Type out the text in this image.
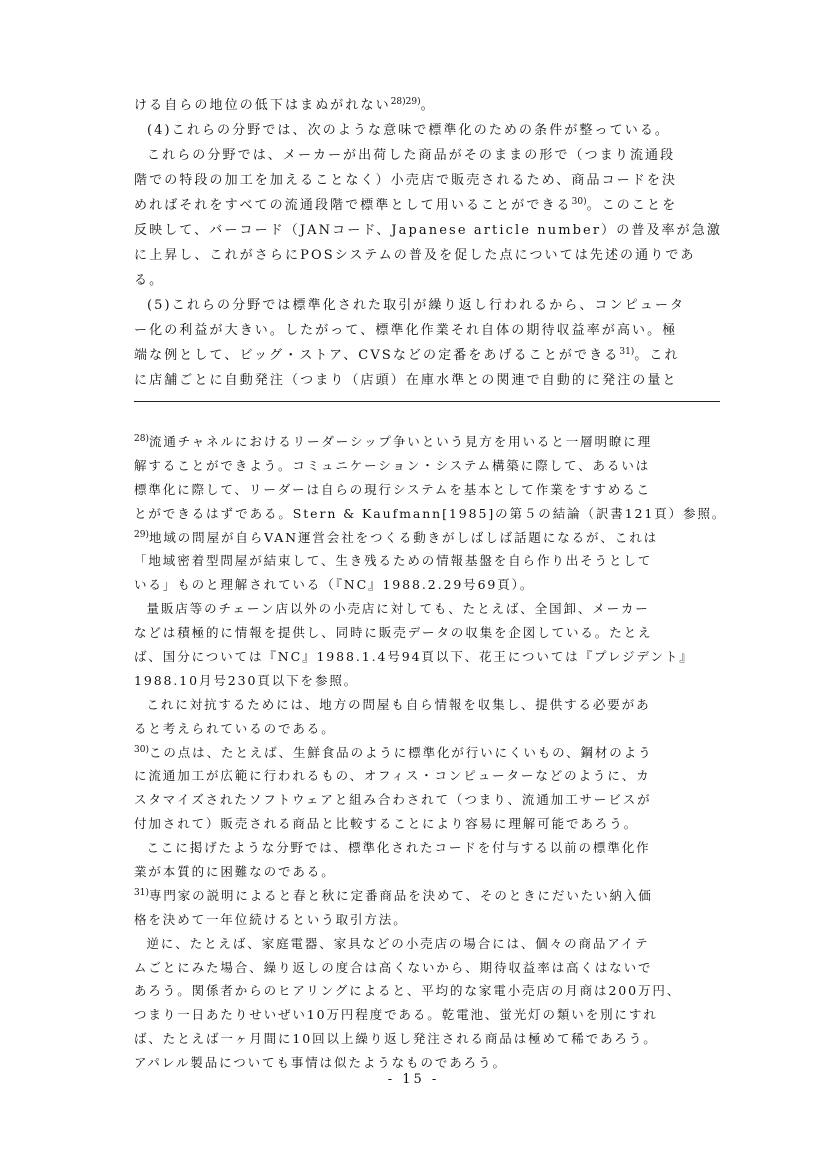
ける自らの地位の低下はまぬがれない$^{28)29)}$。
(4)これらの分野では、次のような意味で標準化のための条件が整っている。
これらの分野では、メーカーが出荷した商品がそのままの形で（つまり流通段
階での特段の加工を加えることなく）小売店で販売されるため、商品コードを決
めればそれをすべての流通段階で標準として用いることができる$^{30)}$。このことを
反映して、バーコード（JANコード、Japanese article number）の普及率が急激
に上昇し、これがさらにPOSシステムの普及を促した点については先述の通りであ
る。
(5)これらの分野では標準化された取引が繰り返し行われるから、コンピュータ
ー化の利益が大きい。したがって、標準化作業それ自体の期待収益率が高い。極
端な例として、ビッグ・ストア、CVSなどの定番をあげることができる$^{31)}$。これ
に店舗ごとに自動発注（つまり（店頭）在庫水準との関連で自動的に発注の量と
$^{28)}$流通チャネルにおけるリーダーシップ争いという見方を用いると一層明瞭に理
解することができよう。コミュニケーション・システム構築に際して、あるいは
標準化に際して、リーダーは自らの現行システムを基本として作業をすすめるこ
とができるはずである。Stern & Kaufmann[1985]の第５の結論（訳書121頁）参照。
$^{29)}$地域の問屋が自らVAN運営会社をつくる動きがしばしば話題になるが、これは
「地域密着型問屋が結束して、生き残るための情報基盤を自ら作り出そうとして
いる」ものと理解されている（『NC』1988.2.29号69頁）。
量販店等のチェーン店以外の小売店に対しても、たとえば、全国卸、メーカー
などは積極的に情報を提供し、同時に販売データの収集を企図している。たとえ
ば、国分については『NC』1988.1.4号94頁以下、花王については『プレジデント』
1988.10月号230頁以下を参照。
これに対抗するためには、地方の問屋も自ら情報を収集し、提供する必要があ
ると考えられているのである。
$^{30)}$この点は、たとえば、生鮮食品のように標準化が行いにくいもの、鋼材のよう
に流通加工が広範に行われるもの、オフィス・コンピューターなどのように、カ
スタマイズされたソフトウェアと組み合わされて（つまり、流通加工サービスが
付加されて）販売される商品と比較することにより容易に理解可能であろう。
ここに掲げたような分野では、標準化されたコードを付与する以前の標準化作
業が本質的に困難なのである。
$^{31)}$専門家の説明によると春と秋に定番商品を決めて、そのときにだいたい納入価
格を決めて一年位続けるという取引方法。
逆に、たとえば、家庭電器、家具などの小売店の場合には、個々の商品アイテ
ムごとにみた場合、繰り返しの度合は高くないから、期待収益率は高くはないで
あろう。関係者からのヒアリングによると、平均的な家電小売店の月商は200万円、
つまり一日あたりせいぜい10万円程度である。乾電池、蛍光灯の類いを別にすれ
ば、たとえば一ヶ月間に10回以上繰り返し発注される商品は極めて稀であろう。
アパレル製品についても事情は似たようなものであろう。
- 15 -
